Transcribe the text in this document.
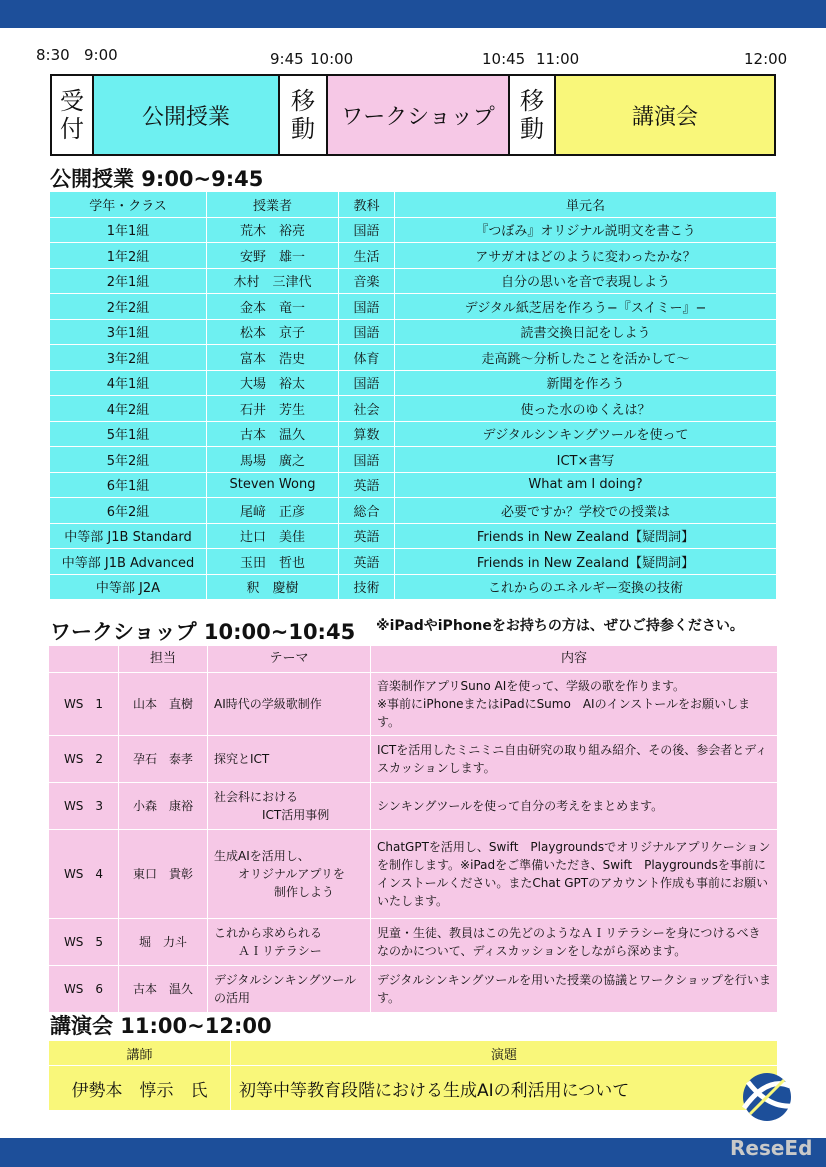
8:30 9:00	9:45 10:00	10:45 11:00	12:00
受
付	公開授業
移
動	ワークショップ
移
動	講演会
公開授業 9:00~9:45
学年・クラス	授業者	教科	単元名
1年1組	荒木　裕亮	国語	『つぼみ』オリジナル説明文を書こう
1年2組	安野　雄一	生活	アサガオはどのように変わったかな？
2年1組	木村　三津代	音楽	自分の思いを音で表現しよう
2年2組	金本　竜一	国語	デジタル紙芝居を作ろう−『スイミー』−
3年1組	松本　京子	国語	読書交換日記をしよう
3年2組	富本　浩史	体育	走高跳〜分析したことを活かして〜
4年1組	大場　裕太	国語	新聞を作ろう
4年2組	石井　芳生	社会	使った水のゆくえは？
5年1組	古本　温久	算数	デジタルシンキングツールを使って
5年2組	馬場　廣之	国語	ICT×書写
6年1組	Steven Wong	英語	What am I doing?
6年2組	尾﨑　正彦	総合	必要ですか？学校での授業は
中等部 J1B Standard	辻口　美佳	英語	Friends in New Zealand【疑問詞】
中等部 J1B Advanced	玉田　哲也	英語	Friends in New Zealand【疑問詞】
中等部 J2A	釈　慶樹	技術	これからのエネルギー変換の技術
ワークショップ 10:00~10:45 ※iPadやiPhoneをお持ちの方は、ぜひご持参ください。
	担当	テーマ	内容
WS　1	山本　直樹	AI時代の学級歌制作	音楽制作アプリSuno AIを使って、学級の歌を作ります。
※事前にiPhoneまたはiPadにSumo　AIのインストールをお願いします。
WS　2	孕石　泰孝	探究とICT	ICTを活用したミニミニ自由研究の取り組み紹介、その後、参会者とディスカッションします。
WS　3	小森　康裕	社会科における
　　　　ICT活用事例	シンキングツールを使って自分の考えをまとめます。
WS　4	東口　貴彰	生成AIを活用し、
　　オリジナルアプリを
　　　　　制作しよう	ChatGPTを活用し、Swift　Playgroundsでオリジナルアプリケーションを制作します。※iPadをご準備いただき、Swift　Playgroundsを事前にインストールください。またChat GPTのアカウント作成も事前にお願いいたします。
WS　5	堀　力斗	これから求められる
　　ＡＩリテラシー	児童・生徒、教員はこの先どのようなＡＩリテラシーを身につけるべきなのかについて、ディスカッションをしながら深めます。
WS　6	古本　温久	デジタルシンキングツール
の活用	デジタルシンキングツールを用いた授業の協議とワークショップを行います。
講演会 11:00~12:00
講師	演題
伊勢本　惇示　氏	初等中等教育段階における生成AIの利活用について
ReseEd
